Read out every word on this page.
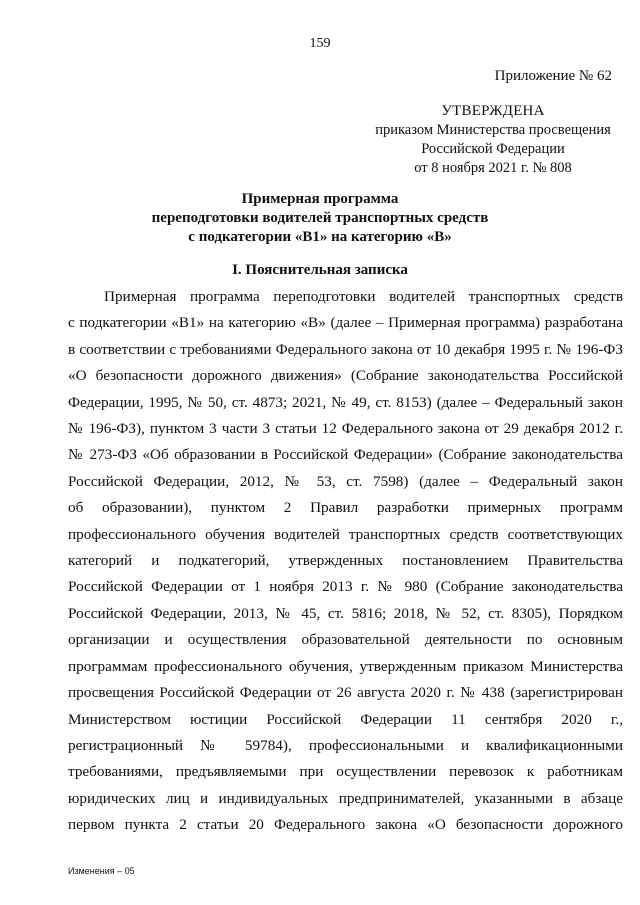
159
Приложение № 62
УТВЕРЖДЕНА
приказом Министерства просвещения
Российской Федерации
от 8 ноября 2021 г. № 808
Примерная программа
переподготовки водителей транспортных средств
с подкатегории «B1» на категорию «B»
I. Пояснительная записка
Примерная программа переподготовки водителей транспортных средств
с подкатегории «B1» на категорию «B» (далее – Примерная программа) разработана
в соответствии с требованиями Федерального закона от 10 декабря 1995 г. № 196-ФЗ
«О безопасности дорожного движения» (Собрание законодательства Российской
Федерации, 1995, № 50, ст. 4873; 2021, № 49, ст. 8153) (далее – Федеральный закон
№ 196-ФЗ), пунктом 3 части 3 статьи 12 Федерального закона от 29 декабря 2012 г.
№ 273-ФЗ «Об образовании в Российской Федерации» (Собрание законодательства
Российской Федерации, 2012, № 53, ст. 7598) (далее – Федеральный закон
об образовании), пунктом 2 Правил разработки примерных программ
профессионального обучения водителей транспортных средств соответствующих
категорий и подкатегорий, утвержденных постановлением Правительства
Российской Федерации от 1 ноября 2013 г. № 980 (Собрание законодательства
Российской Федерации, 2013, № 45, ст. 5816; 2018, № 52, ст. 8305), Порядком
организации и осуществления образовательной деятельности по основным
программам профессионального обучения, утвержденным приказом Министерства
просвещения Российской Федерации от 26 августа 2020 г. № 438 (зарегистрирован
Министерством юстиции Российской Федерации 11 сентября 2020 г.,
регистрационный № 59784), профессиональными и квалификационными
требованиями, предъявляемыми при осуществлении перевозок к работникам
юридических лиц и индивидуальных предпринимателей, указанными в абзаце
первом пункта 2 статьи 20 Федерального закона «О безопасности дорожного
Изменения – 05
